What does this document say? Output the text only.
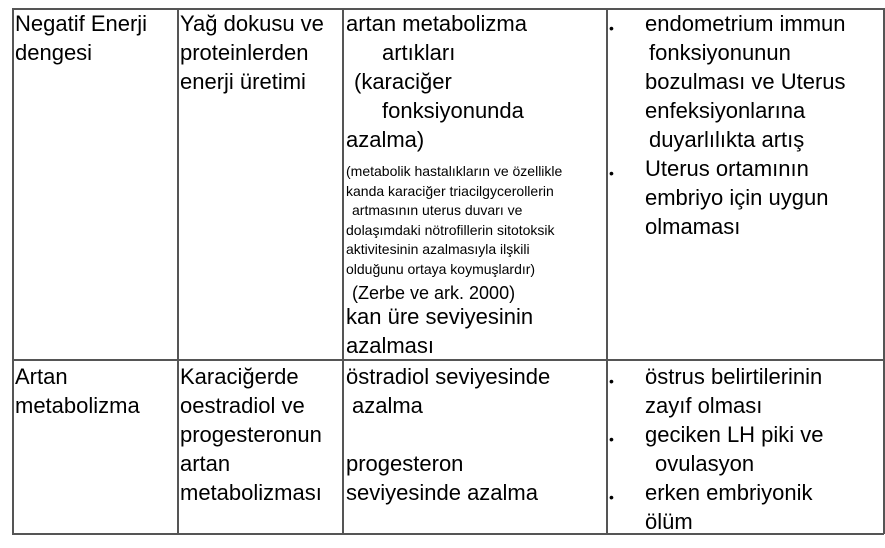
Negatif Enerji
dengesi
Yağ dokusu ve
proteinlerden
enerji üretimi
artan metabolizma
artıkları
(karaciğer
fonksiyonunda
azalma)
(metabolik hastalıkların ve özellikle
kanda karaciğer triacilgycerollerin
artmasının uterus duvarı ve
dolaşımdaki nötrofillerin sitotoksik
aktivitesinin azalmasıyla ilşkili
olduğunu ortaya koymuşlardır)
(Zerbe ve ark. 2000)
kan üre seviyesinin
azalması
•
•
endometrium immun
fonksiyonunun
bozulması ve Uterus
enfeksiyonlarına
duyarlılıkta artış
Uterus ortamının
embriyo için uygun
olmaması
Artan
metabolizma
Karaciğerde
oestradiol ve
progesteronun
artan
metabolizması
östradiol seviyesinde
azalma
progesteron
seviyesinde azalma
•
•
•
östrus belirtilerinin
zayıf olması
geciken LH piki ve
ovulasyon
erken embriyonik
ölüm
